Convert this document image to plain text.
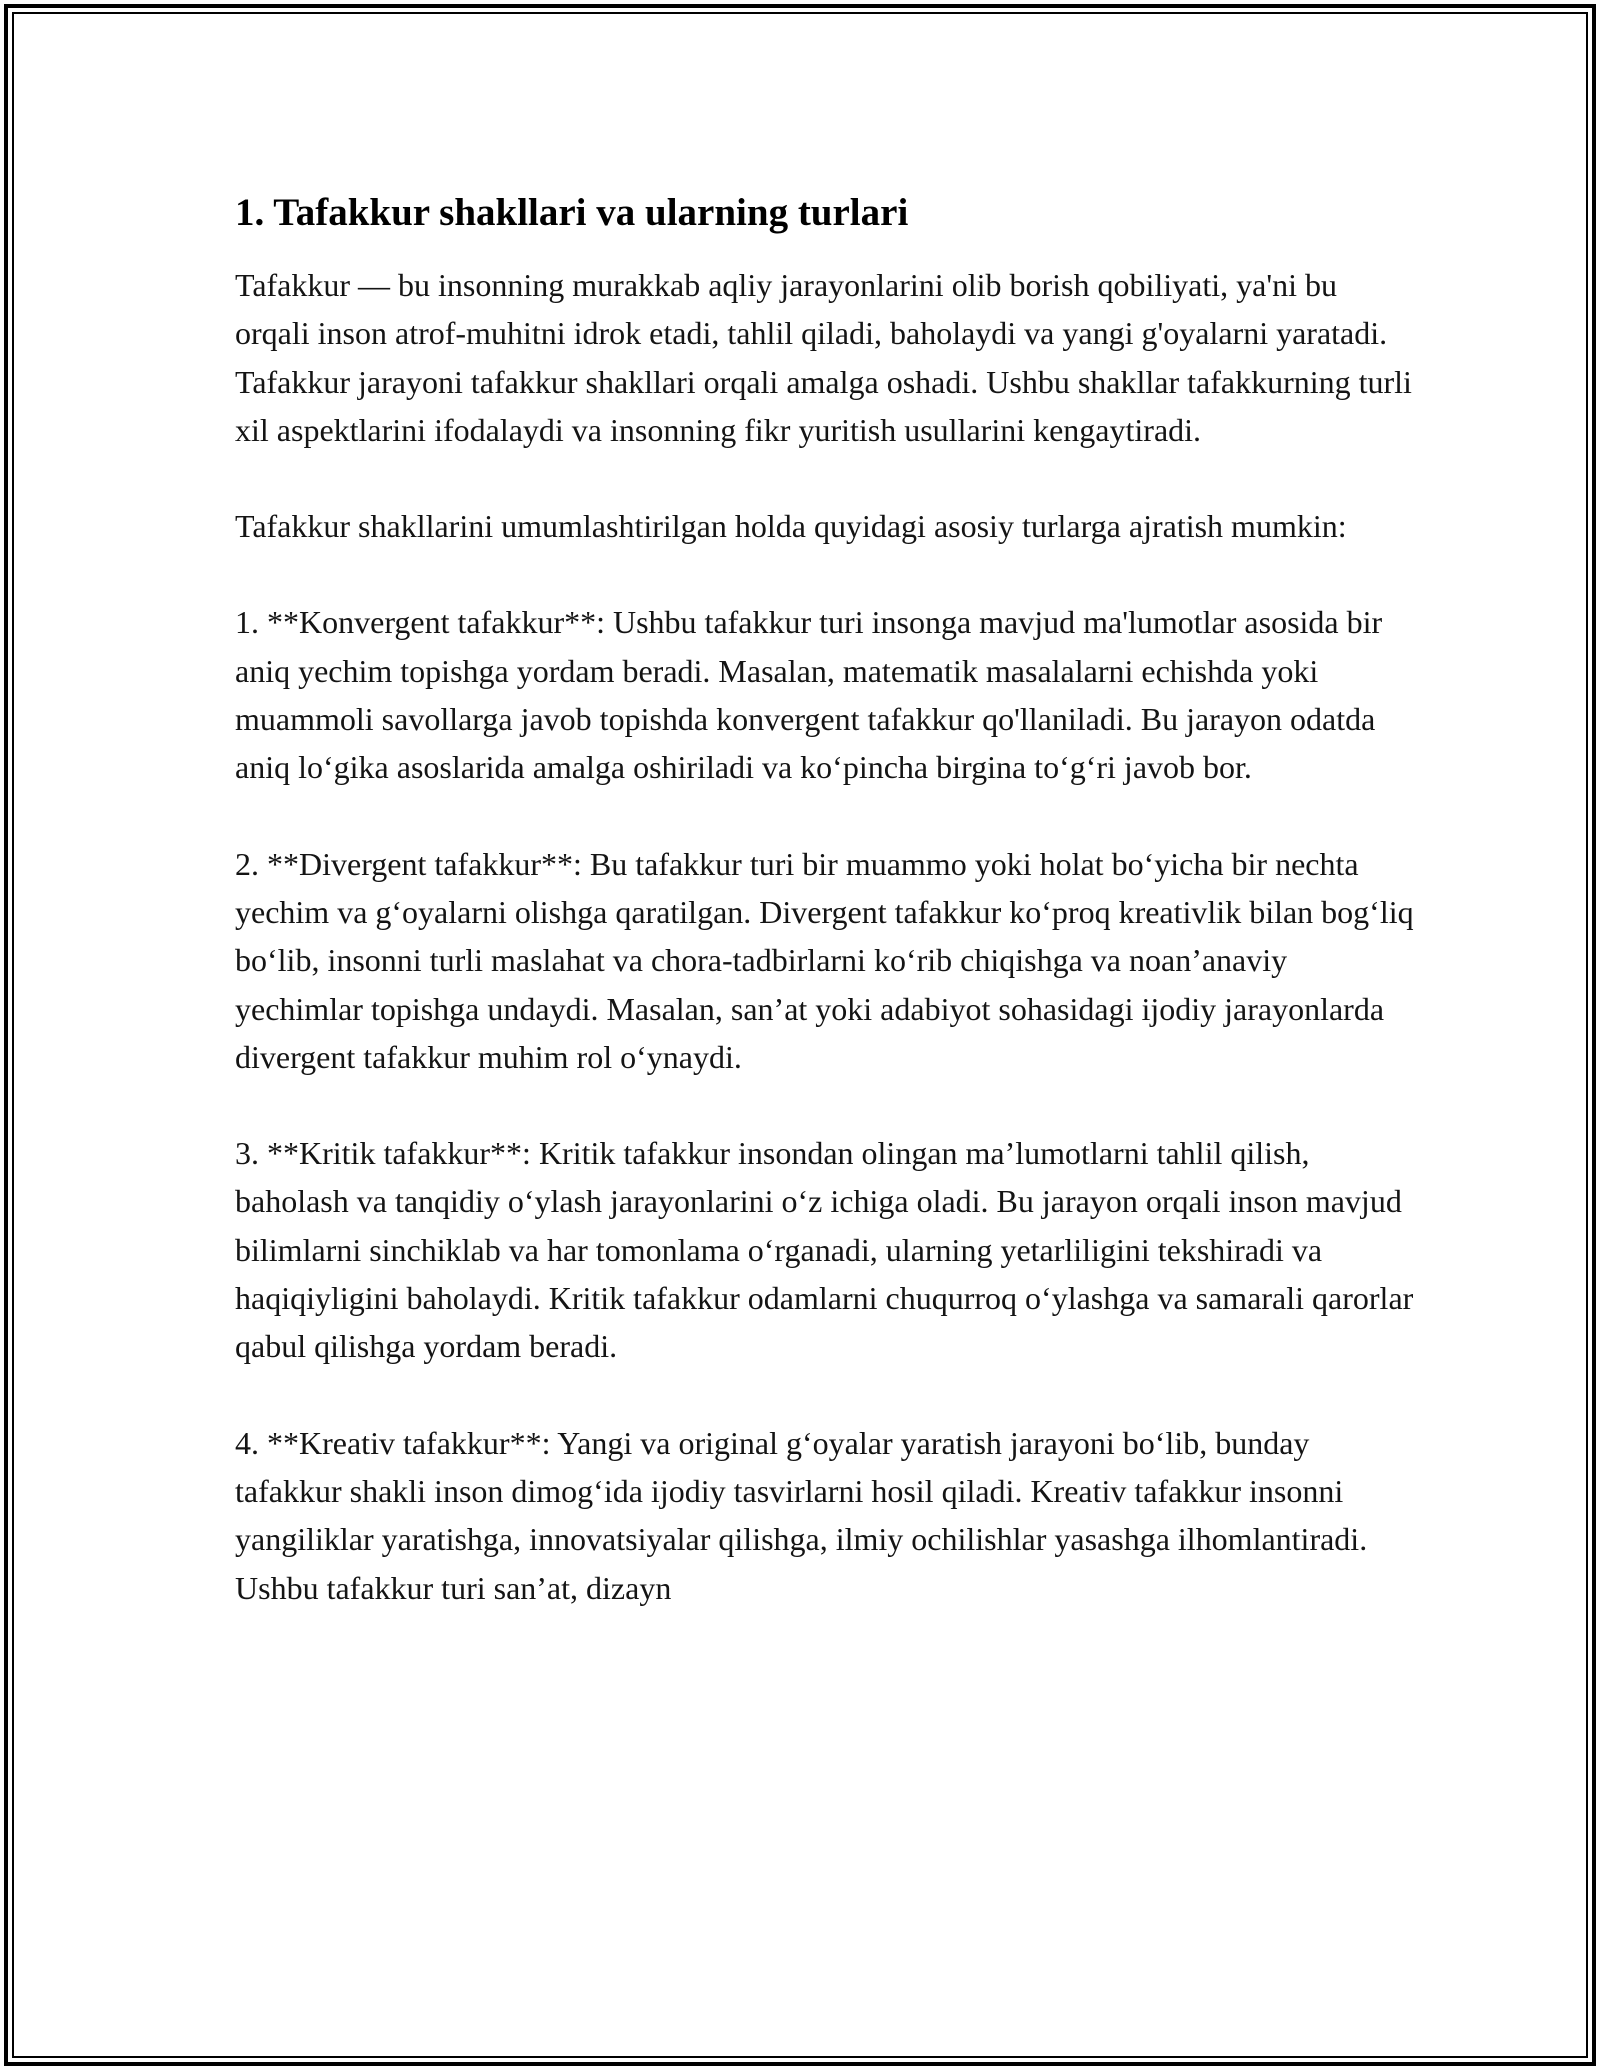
1. Tafakkur shakllari va ularning turlari

Tafakkur — bu insonning murakkab aqliy jarayonlarini olib borish qobiliyati, ya'ni bu orqali inson atrof-muhitni idrok etadi, tahlil qiladi, baholaydi va yangi g'oyalarni yaratadi. Tafakkur jarayoni tafakkur shakllari orqali amalga oshadi. Ushbu shakllar tafakkurning turli xil aspektlarini ifodalaydi va insonning fikr yuritish usullarini kengaytiradi.

Tafakkur shakllarini umumlashtirilgan holda quyidagi asosiy turlarga ajratish mumkin:

1. **Konvergent tafakkur**: Ushbu tafakkur turi insonga mavjud ma'lumotlar asosida bir aniq yechim topishga yordam beradi. Masalan, matematik masalalarni echishda yoki muammoli savollarga javob topishda konvergent tafakkur qo'llaniladi. Bu jarayon odatda aniq lo‘gika asoslarida amalga oshiriladi va ko‘pincha birgina to‘g‘ri javob bor.

2. **Divergent tafakkur**: Bu tafakkur turi bir muammo yoki holat bo‘yicha bir nechta yechim va g‘oyalarni olishga qaratilgan. Divergent tafakkur ko‘proq kreativlik bilan bog‘liq bo‘lib, insonni turli maslahat va chora-tadbirlarni ko‘rib chiqishga va noan’anaviy yechimlar topishga undaydi. Masalan, san’at yoki adabiyot sohasidagi ijodiy jarayonlarda divergent tafakkur muhim rol o‘ynaydi.

3. **Kritik tafakkur**: Kritik tafakkur insondan olingan ma’lumotlarni tahlil qilish, baholash va tanqidiy o‘ylash jarayonlarini o‘z ichiga oladi. Bu jarayon orqali inson mavjud bilimlarni sinchiklab va har tomonlama o‘rganadi, ularning yetarliligini tekshiradi va haqiqiyligini baholaydi. Kritik tafakkur odamlarni chuqurroq o‘ylashga va samarali qarorlar qabul qilishga yordam beradi.

4. **Kreativ tafakkur**: Yangi va original g‘oyalar yaratish jarayoni bo‘lib, bunday tafakkur shakli inson dimog‘ida ijodiy tasvirlarni hosil qiladi. Kreativ tafakkur insonni yangiliklar yaratishga, innovatsiyalar qilishga, ilmiy ochilishlar yasashga ilhomlantiradi. Ushbu tafakkur turi san’at, dizayn
